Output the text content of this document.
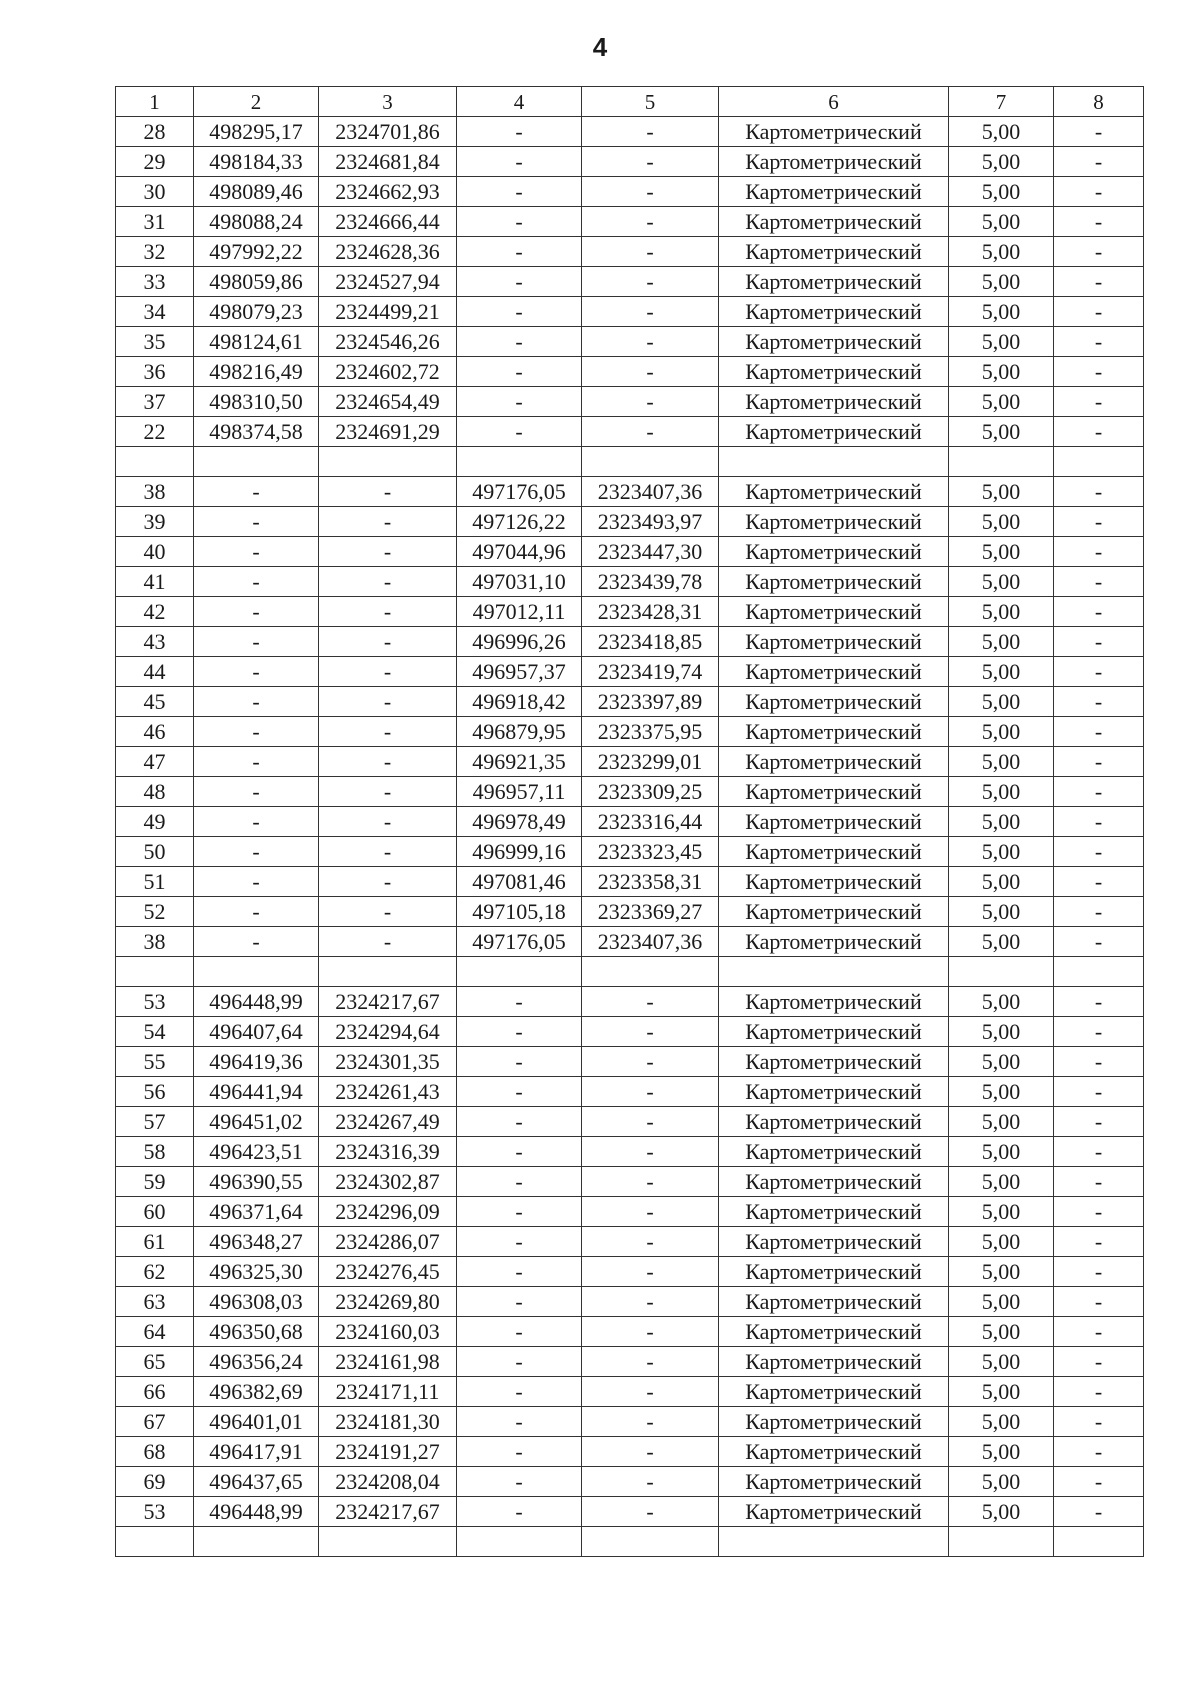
4
1	2	3	4	5	6	7	8
28	498295,17	2324701,86	-	-	Картометрический	5,00	-
29	498184,33	2324681,84	-	-	Картометрический	5,00	-
30	498089,46	2324662,93	-	-	Картометрический	5,00	-
31	498088,24	2324666,44	-	-	Картометрический	5,00	-
32	497992,22	2324628,36	-	-	Картометрический	5,00	-
33	498059,86	2324527,94	-	-	Картометрический	5,00	-
34	498079,23	2324499,21	-	-	Картометрический	5,00	-
35	498124,61	2324546,26	-	-	Картометрический	5,00	-
36	498216,49	2324602,72	-	-	Картометрический	5,00	-
37	498310,50	2324654,49	-	-	Картометрический	5,00	-
22	498374,58	2324691,29	-	-	Картометрический	5,00	-

38	-	-	497176,05	2323407,36	Картометрический	5,00	-
39	-	-	497126,22	2323493,97	Картометрический	5,00	-
40	-	-	497044,96	2323447,30	Картометрический	5,00	-
41	-	-	497031,10	2323439,78	Картометрический	5,00	-
42	-	-	497012,11	2323428,31	Картометрический	5,00	-
43	-	-	496996,26	2323418,85	Картометрический	5,00	-
44	-	-	496957,37	2323419,74	Картометрический	5,00	-
45	-	-	496918,42	2323397,89	Картометрический	5,00	-
46	-	-	496879,95	2323375,95	Картометрический	5,00	-
47	-	-	496921,35	2323299,01	Картометрический	5,00	-
48	-	-	496957,11	2323309,25	Картометрический	5,00	-
49	-	-	496978,49	2323316,44	Картометрический	5,00	-
50	-	-	496999,16	2323323,45	Картометрический	5,00	-
51	-	-	497081,46	2323358,31	Картометрический	5,00	-
52	-	-	497105,18	2323369,27	Картометрический	5,00	-
38	-	-	497176,05	2323407,36	Картометрический	5,00	-

53	496448,99	2324217,67	-	-	Картометрический	5,00	-
54	496407,64	2324294,64	-	-	Картометрический	5,00	-
55	496419,36	2324301,35	-	-	Картометрический	5,00	-
56	496441,94	2324261,43	-	-	Картометрический	5,00	-
57	496451,02	2324267,49	-	-	Картометрический	5,00	-
58	496423,51	2324316,39	-	-	Картометрический	5,00	-
59	496390,55	2324302,87	-	-	Картометрический	5,00	-
60	496371,64	2324296,09	-	-	Картометрический	5,00	-
61	496348,27	2324286,07	-	-	Картометрический	5,00	-
62	496325,30	2324276,45	-	-	Картометрический	5,00	-
63	496308,03	2324269,80	-	-	Картометрический	5,00	-
64	496350,68	2324160,03	-	-	Картометрический	5,00	-
65	496356,24	2324161,98	-	-	Картометрический	5,00	-
66	496382,69	2324171,11	-	-	Картометрический	5,00	-
67	496401,01	2324181,30	-	-	Картометрический	5,00	-
68	496417,91	2324191,27	-	-	Картометрический	5,00	-
69	496437,65	2324208,04	-	-	Картометрический	5,00	-
53	496448,99	2324217,67	-	-	Картометрический	5,00	-
